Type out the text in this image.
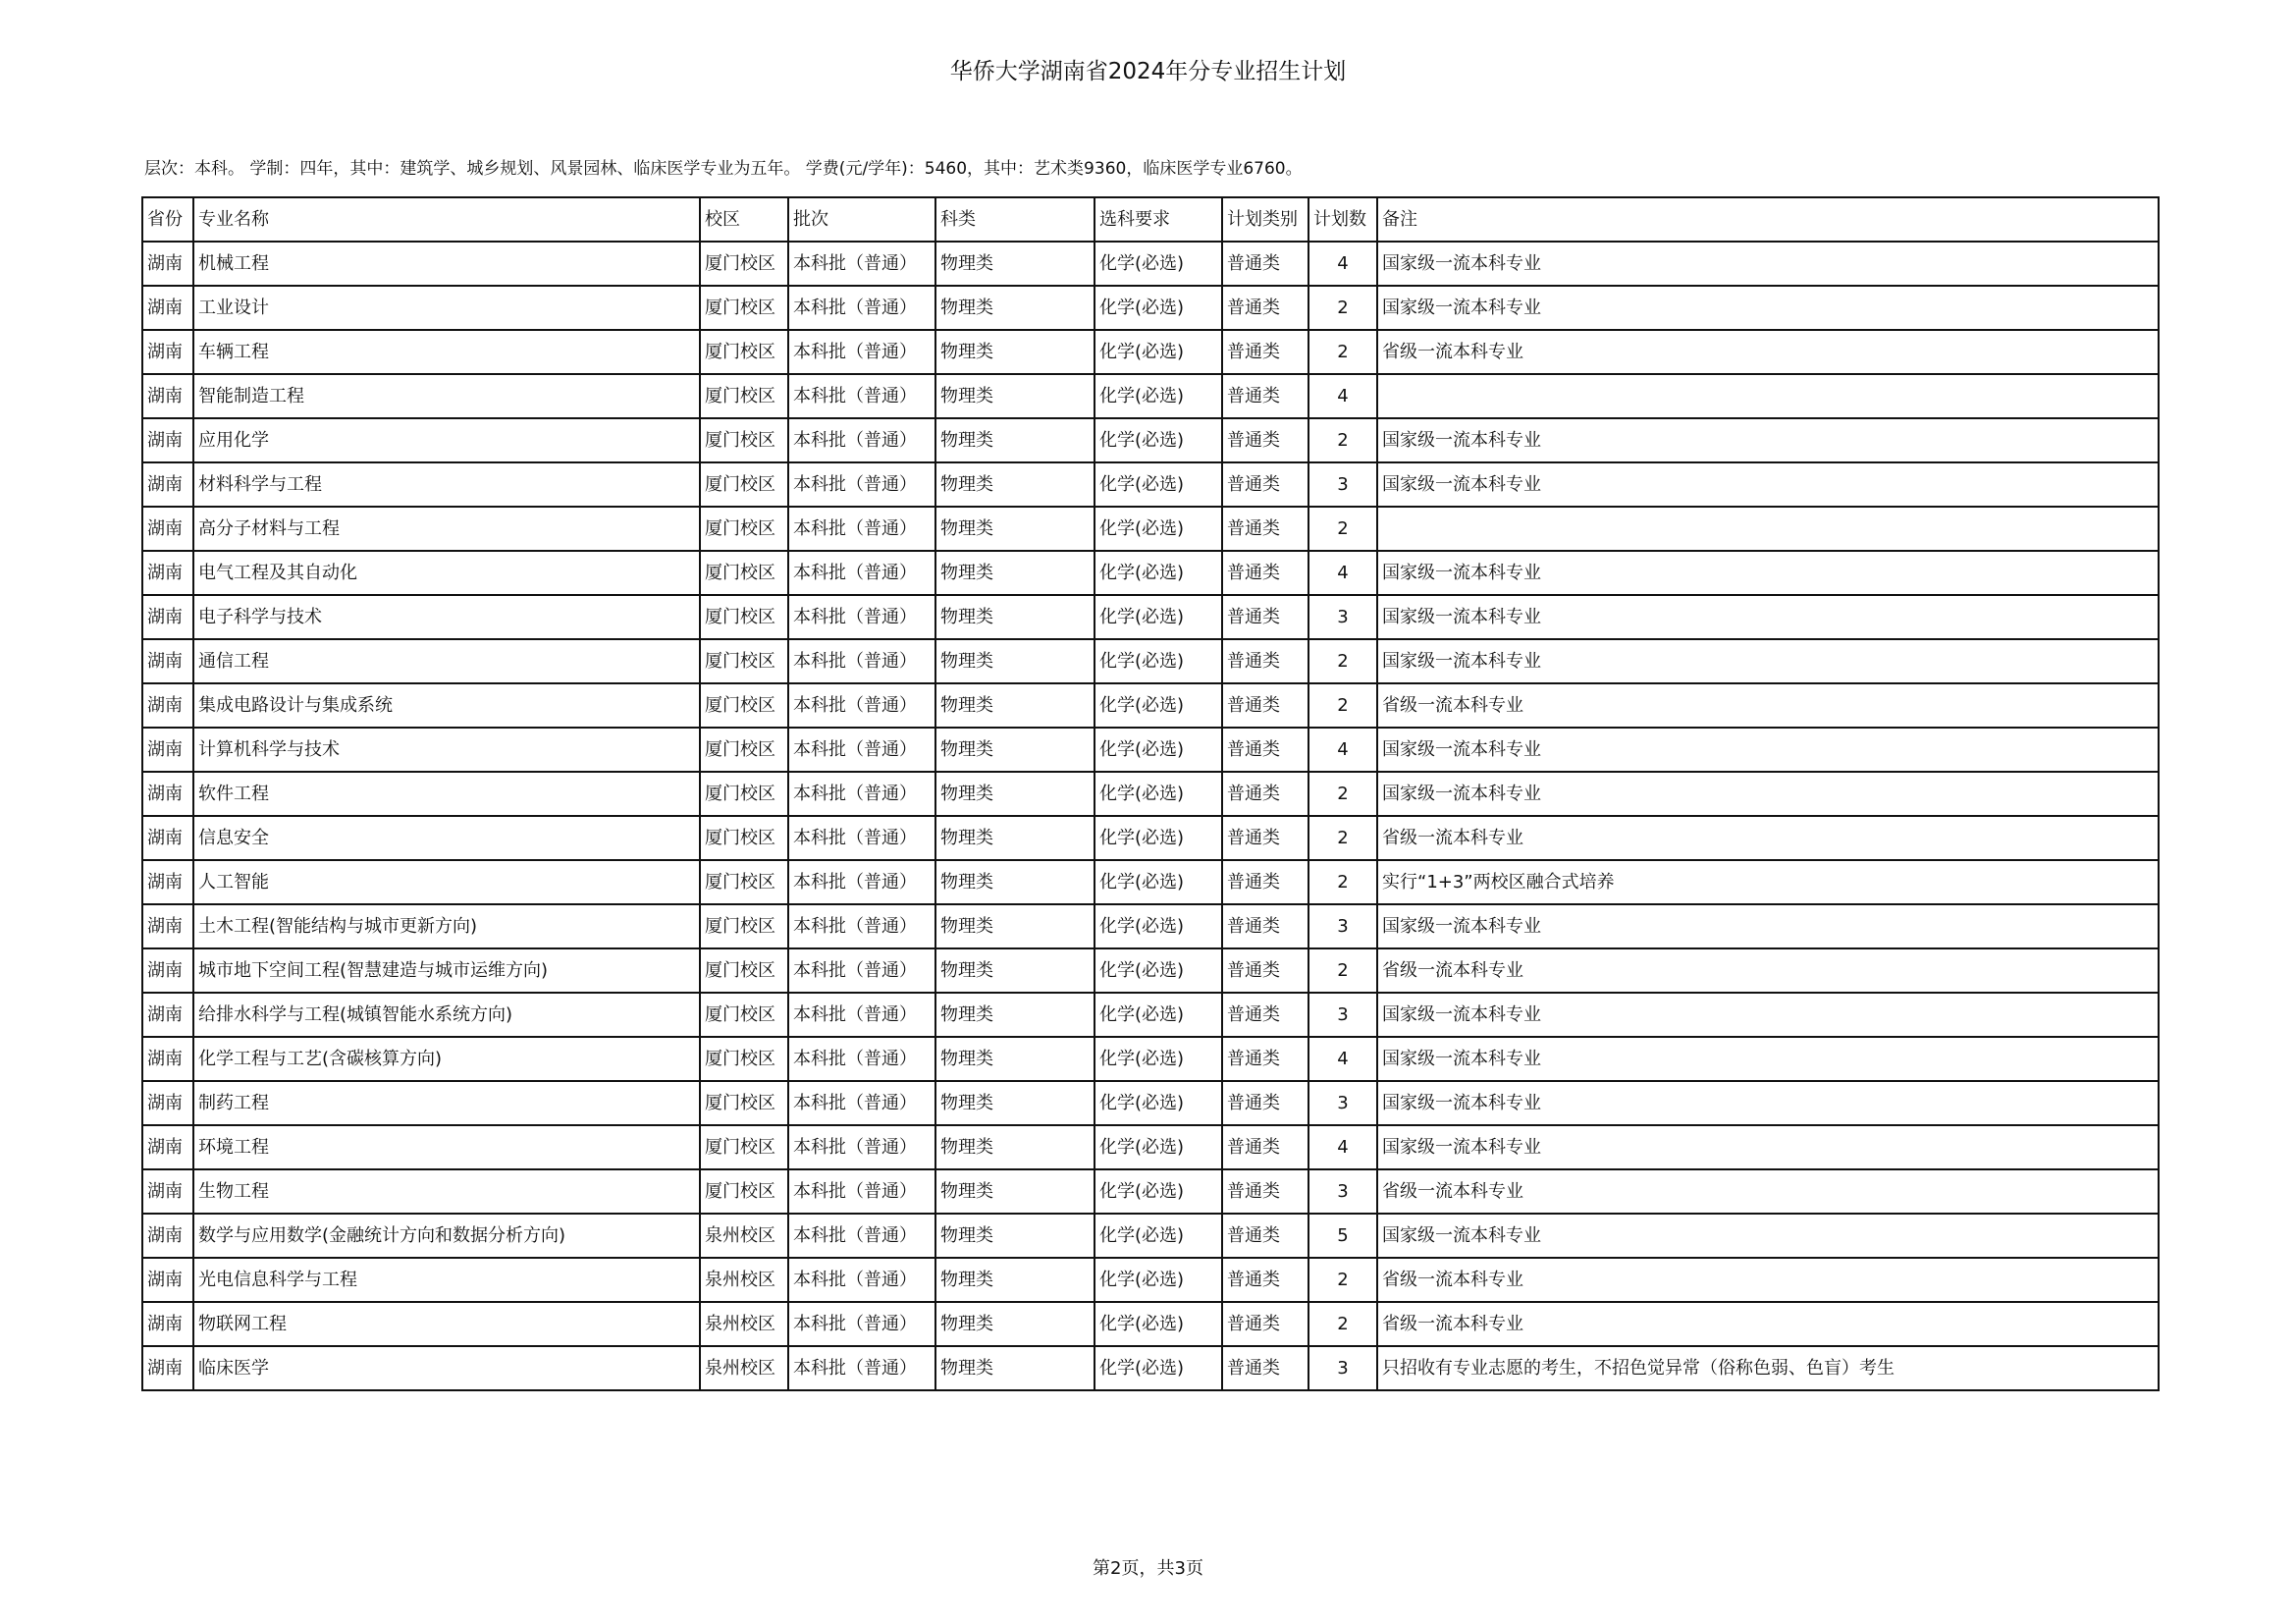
华侨大学湖南省2024年分专业招生计划
层次：本科。 学制：四年，其中：建筑学、城乡规划、风景园林、临床医学专业为五年。 学费(元/学年)：5460，其中：艺术类9360，临床医学专业6760。
省份	专业名称	校区	批次	科类	选科要求	计划类别	计划数	备注
湖南	机械工程	厦门校区	本科批（普通）	物理类	化学(必选)	普通类	4	国家级一流本科专业
湖南	工业设计	厦门校区	本科批（普通）	物理类	化学(必选)	普通类	2	国家级一流本科专业
湖南	车辆工程	厦门校区	本科批（普通）	物理类	化学(必选)	普通类	2	省级一流本科专业
湖南	智能制造工程	厦门校区	本科批（普通）	物理类	化学(必选)	普通类	4	
湖南	应用化学	厦门校区	本科批（普通）	物理类	化学(必选)	普通类	2	国家级一流本科专业
湖南	材料科学与工程	厦门校区	本科批（普通）	物理类	化学(必选)	普通类	3	国家级一流本科专业
湖南	高分子材料与工程	厦门校区	本科批（普通）	物理类	化学(必选)	普通类	2	
湖南	电气工程及其自动化	厦门校区	本科批（普通）	物理类	化学(必选)	普通类	4	国家级一流本科专业
湖南	电子科学与技术	厦门校区	本科批（普通）	物理类	化学(必选)	普通类	3	国家级一流本科专业
湖南	通信工程	厦门校区	本科批（普通）	物理类	化学(必选)	普通类	2	国家级一流本科专业
湖南	集成电路设计与集成系统	厦门校区	本科批（普通）	物理类	化学(必选)	普通类	2	省级一流本科专业
湖南	计算机科学与技术	厦门校区	本科批（普通）	物理类	化学(必选)	普通类	4	国家级一流本科专业
湖南	软件工程	厦门校区	本科批（普通）	物理类	化学(必选)	普通类	2	国家级一流本科专业
湖南	信息安全	厦门校区	本科批（普通）	物理类	化学(必选)	普通类	2	省级一流本科专业
湖南	人工智能	厦门校区	本科批（普通）	物理类	化学(必选)	普通类	2	实行“1+3”两校区融合式培养
湖南	土木工程(智能结构与城市更新方向)	厦门校区	本科批（普通）	物理类	化学(必选)	普通类	3	国家级一流本科专业
湖南	城市地下空间工程(智慧建造与城市运维方向)	厦门校区	本科批（普通）	物理类	化学(必选)	普通类	2	省级一流本科专业
湖南	给排水科学与工程(城镇智能水系统方向)	厦门校区	本科批（普通）	物理类	化学(必选)	普通类	3	国家级一流本科专业
湖南	化学工程与工艺(含碳核算方向)	厦门校区	本科批（普通）	物理类	化学(必选)	普通类	4	国家级一流本科专业
湖南	制药工程	厦门校区	本科批（普通）	物理类	化学(必选)	普通类	3	国家级一流本科专业
湖南	环境工程	厦门校区	本科批（普通）	物理类	化学(必选)	普通类	4	国家级一流本科专业
湖南	生物工程	厦门校区	本科批（普通）	物理类	化学(必选)	普通类	3	省级一流本科专业
湖南	数学与应用数学(金融统计方向和数据分析方向)	泉州校区	本科批（普通）	物理类	化学(必选)	普通类	5	国家级一流本科专业
湖南	光电信息科学与工程	泉州校区	本科批（普通）	物理类	化学(必选)	普通类	2	省级一流本科专业
湖南	物联网工程	泉州校区	本科批（普通）	物理类	化学(必选)	普通类	2	省级一流本科专业
湖南	临床医学	泉州校区	本科批（普通）	物理类	化学(必选)	普通类	3	只招收有专业志愿的考生，不招色觉异常（俗称色弱、色盲）考生
第2页，共3页
